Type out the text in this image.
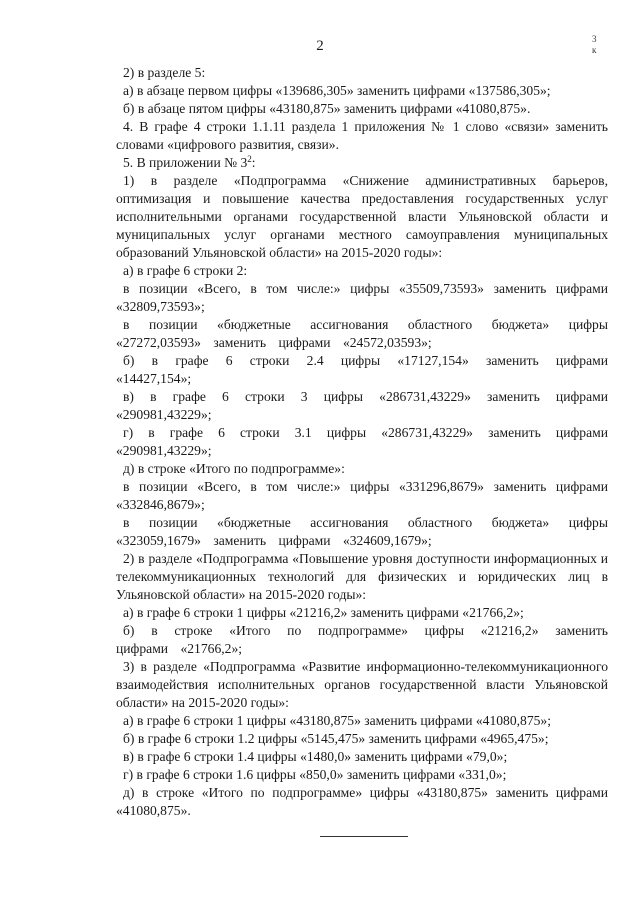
2	3
к

2) в разделе 5:

а) в абзаце первом цифры «139686,305» заменить цифрами «137586,305»;

б) в абзаце пятом цифры «43180,875» заменить цифрами «41080,875».

4. В графе 4 строки 1.1.11 раздела 1 приложения № 1 слово «связи» заменить словами «цифрового развития, связи».

5. В приложении № $3^2$:

1) в разделе «Подпрограмма «Снижение административных барьеров, оптимизация и повышение качества предоставления государственных услуг исполнительными органами государственной власти Ульяновской области и муниципальных услуг органами местного самоуправления муниципальных образований Ульяновской области» на 2015-2020 годы»:

а) в графе 6 строки 2:

в позиции «Всего, в том числе:» цифры «35509,73593» заменить цифрами «32809,73593»;

в позиции «бюджетные ассигнования областного бюджета» цифры «27272,03593» заменить цифрами «24572,03593»;

б) в графе 6 строки 2.4 цифры «17127,154» заменить цифрами «14427,154»;

в) в графе 6 строки 3 цифры «286731,43229» заменить цифрами «290981,43229»;

г) в графе 6 строки 3.1 цифры «286731,43229» заменить цифрами «290981,43229»;

д) в строке «Итого по подпрограмме»:

в позиции «Всего, в том числе:» цифры «331296,8679» заменить цифрами «332846,8679»;

в позиции «бюджетные ассигнования областного бюджета» цифры «323059,1679» заменить цифрами «324609,1679»;

2) в разделе «Подпрограмма «Повышение уровня доступности информационных и телекоммуникационных технологий для физических и юридических лиц в Ульяновской области» на 2015-2020 годы»:

а) в графе 6 строки 1 цифры «21216,2» заменить цифрами «21766,2»;

б) в строке «Итого по подпрограмме» цифры «21216,2» заменить цифрами «21766,2»;

3) в разделе «Подпрограмма «Развитие информационно-телекоммуникационного взаимодействия исполнительных органов государственной власти Ульяновской области» на 2015-2020 годы»:

а) в графе 6 строки 1 цифры «43180,875» заменить цифрами «41080,875»;

б) в графе 6 строки 1.2 цифры «5145,475» заменить цифрами «4965,475»;

в) в графе 6 строки 1.4 цифры «1480,0» заменить цифрами «79,0»;

г) в графе 6 строки 1.6 цифры «850,0» заменить цифрами «331,0»;

д) в строке «Итого по подпрограмме» цифры «43180,875» заменить цифрами «41080,875».
